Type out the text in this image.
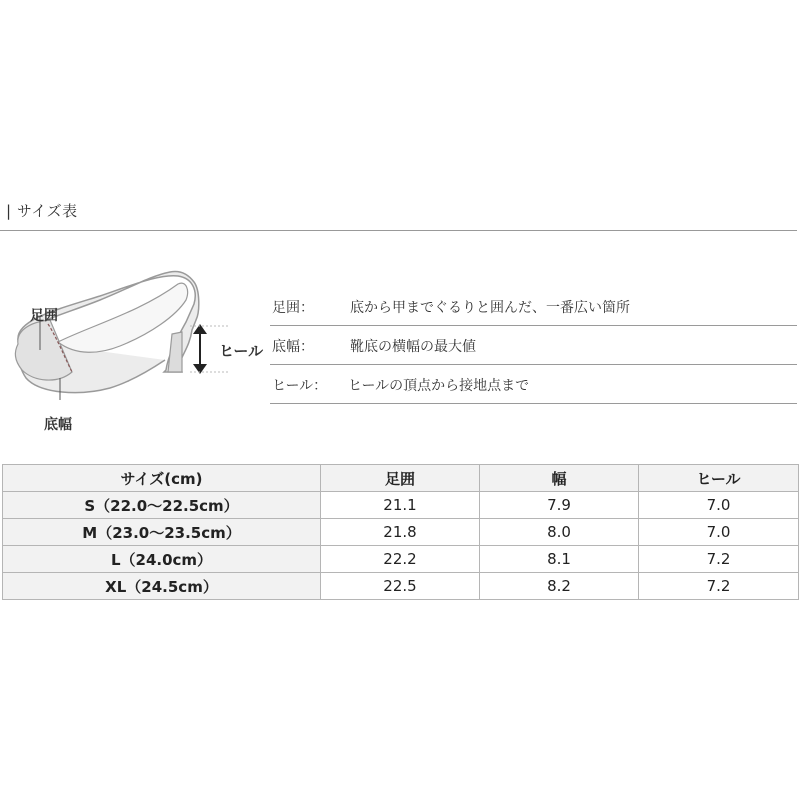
| サイズ表
足囲
底幅
ヒール
足囲：	底から甲までぐるりと囲んだ、一番広い箇所
底幅：	靴底の横幅の最大値
ヒール： ヒールの頂点から接地点まで
サイズ(cm)	足囲	幅	ヒール
S（22.0～22.5cm）	21.1	7.9	7.0
M（23.0～23.5cm）	21.8	8.0	7.0
L（24.0cm）	22.2	8.1	7.2
XL（24.5cm）	22.5	8.2	7.2
